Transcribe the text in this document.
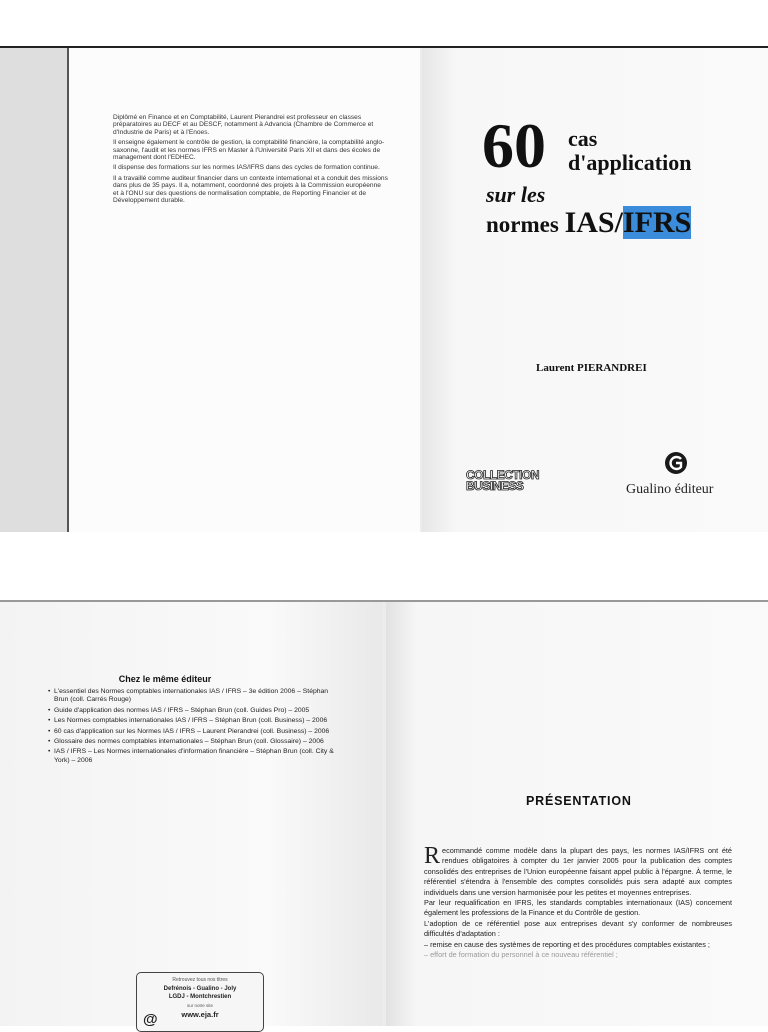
Diplômé en Finance et en Comptabilité, Laurent Pierandrei est professeur en classes préparatoires au DECF et au DESCF, notamment à Advancia (Chambre de Commerce et d'Industrie de Paris) et à l'Enoes.

Il enseigne également le contrôle de gestion, la comptabilité financière, la comptabilité anglo-saxonne, l'audit et les normes IFRS en Master à l'Université Paris XII et dans des écoles de management dont l'EDHEC.

Il dispense des formations sur les normes IAS/IFRS dans des cycles de formation continue.

Il a travaillé comme auditeur financier dans un contexte international et a conduit des missions dans plus de 35 pays. Il a, notamment, coordonné des projets à la Commission européenne et à l'ONU sur des questions de normalisation comptable, de Reporting Financier et de Développement durable.

60 cas
d'application
sur les
normes IAS/IFRS
Laurent PIERANDREI
COLLECTION
BUSINESS	Gualino éditeur
Chez le même éditeur
• L'essentiel des Normes comptables internationales IAS / IFRS – 3e édition 2006 – Stéphan Brun (coll. Carrés Rouge)
• Guide d'application des normes IAS / IFRS – Stéphan Brun (coll. Guides Pro) – 2005
• Les Normes comptables internationales IAS / IFRS – Stéphan Brun (coll. Business) – 2006
• 60 cas d'application sur les Normes IAS / IFRS – Laurent Pierandrei (coll. Business) – 2006
• Glossaire des normes comptables internationales – Stéphan Brun (coll. Glossaire) – 2006
• IAS / IFRS – Les Normes internationales d'information financière – Stéphan Brun (coll. City & York) – 2006
Retrouvez tous nos titres
Defrénois - Gualino - Joly
LGDJ - Montchrestien
sur notre site
www.eja.fr
@
PRÉSENTATION

Recommandé comme modèle dans la plupart des pays, les normes IAS/IFRS ont été rendues obligatoires à compter du 1er janvier 2005 pour la publication des comptes consolidés des entreprises de l'Union européenne faisant appel public à l'épargne. À terme, le référentiel s'étendra à l'ensemble des comptes consolidés puis sera adapté aux comptes individuels dans une version harmonisée pour les petites et moyennes entreprises.

Par leur requalification en IFRS, les standards comptables internationaux (IAS) concernent également les professions de la Finance et du Contrôle de gestion.

L'adoption de ce référentiel pose aux entreprises devant s'y conformer de nombreuses difficultés d'adaptation :

– remise en cause des systèmes de reporting et des procédures comptables existantes ;

– effort de formation du personnel à ce nouveau référentiel ;
